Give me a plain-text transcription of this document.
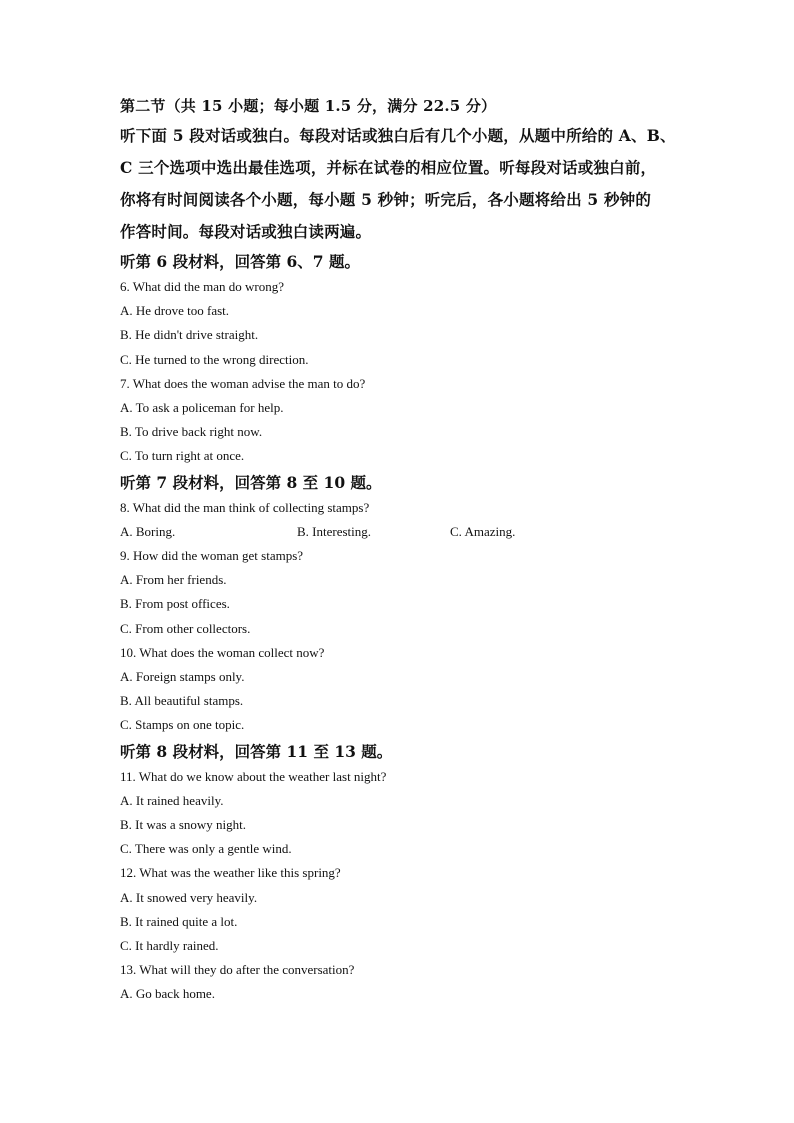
第二节（共 15 小题；每小题 1.5 分，满分 22.5 分）
听下面 5 段对话或独白。每段对话或独白后有几个小题，从题中所给的 A、B、
C 三个选项中选出最佳选项，并标在试卷的相应位置。听每段对话或独白前，
你将有时间阅读各个小题，每小题 5 秒钟；听完后，各小题将给出 5 秒钟的
作答时间。每段对话或独白读两遍。
听第 6 段材料，回答第 6、7 题。
6. What did the man do wrong?
A. He drove too fast.
B. He didn't drive straight.
C. He turned to the wrong direction.
7. What does the woman advise the man to do?
A. To ask a policeman for help.
B. To drive back right now.
C. To turn right at once.
听第 7 段材料，回答第 8 至 10 题。
8. What did the man think of collecting stamps?
A. Boring.	B. Interesting.	C. Amazing.
9. How did the woman get stamps?
A. From her friends.
B. From post offices.
C. From other collectors.
10. What does the woman collect now?
A. Foreign stamps only.
B. All beautiful stamps.
C. Stamps on one topic.
听第 8 段材料，回答第 11 至 13 题。
11. What do we know about the weather last night?
A. It rained heavily.
B. It was a snowy night.
C. There was only a gentle wind.
12. What was the weather like this spring?
A. It snowed very heavily.
B. It rained quite a lot.
C. It hardly rained.
13. What will they do after the conversation?
A. Go back home.
